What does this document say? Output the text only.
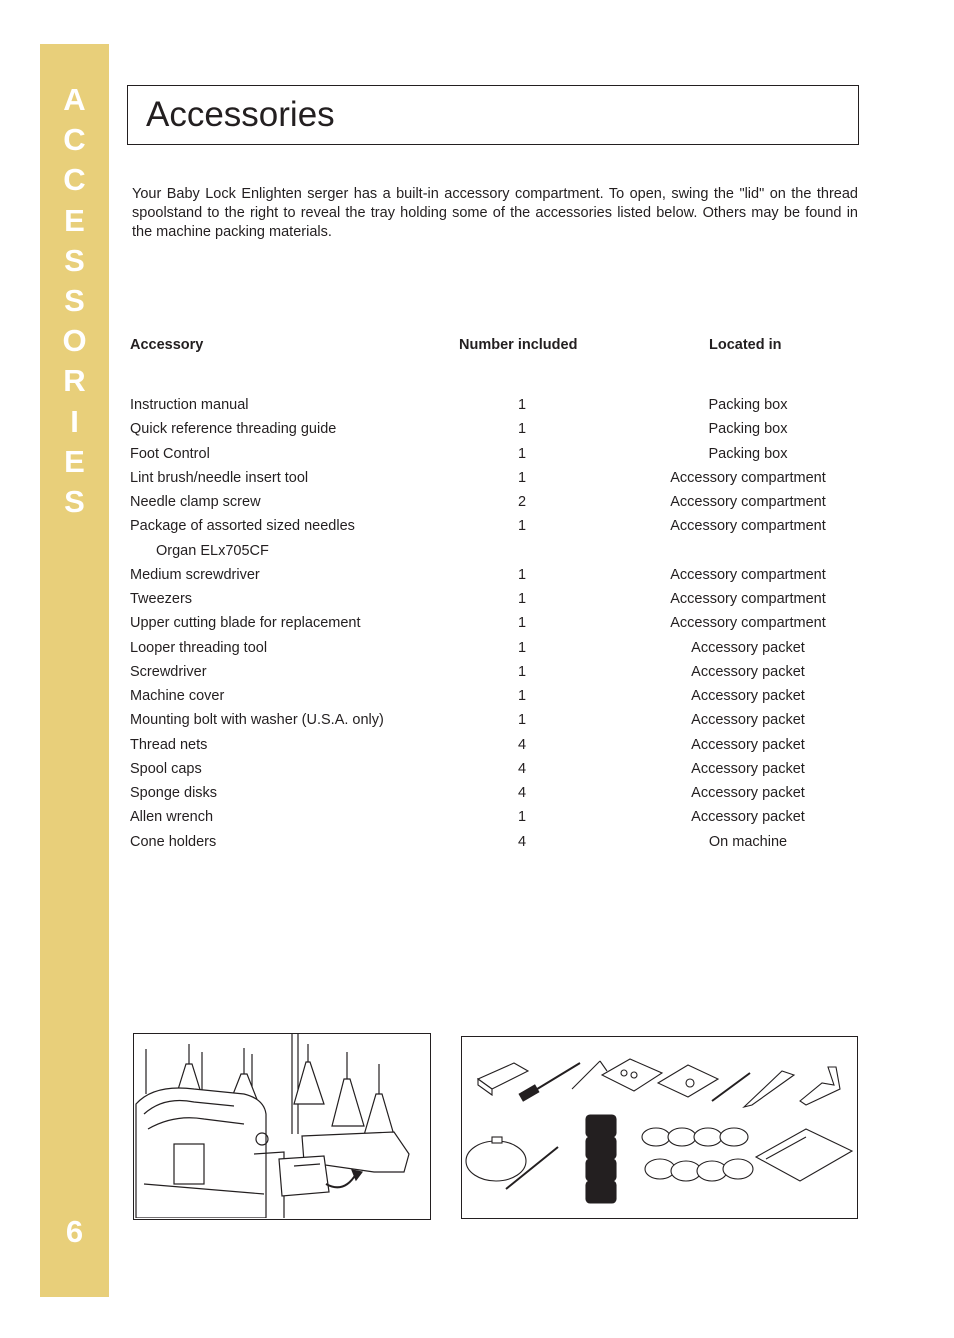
A
C
C
E
S
S
O
R
I
E
S
6
Accessories

Your Baby Lock Enlighten serger has a built-in accessory compartment. To open, swing the "lid" on the thread spoolstand to the right to reveal the tray holding some of the accessories listed below. Others may be found in the machine packing materials.

Accessory	Number included	Located in
Instruction manual	1	Packing box
Quick reference threading guide	1	Packing box
Foot Control	1	Packing box
Lint brush/needle insert tool	1	Accessory compartment
Needle clamp screw	2	Accessory compartment
Package of assorted sized needles	1	Accessory compartment
Organ ELx705CF
Medium screwdriver	1	Accessory compartment
Tweezers	1	Accessory compartment
Upper cutting blade for replacement	1	Accessory compartment
Looper threading tool	1	Accessory packet
Screwdriver	1	Accessory packet
Machine cover	1	Accessory packet
Mounting bolt with washer (U.S.A. only)	1	Accessory packet
Thread nets	4	Accessory packet
Spool caps	4	Accessory packet
Sponge disks	4	Accessory packet
Allen wrench	1	Accessory packet
Cone holders	4	On machine
